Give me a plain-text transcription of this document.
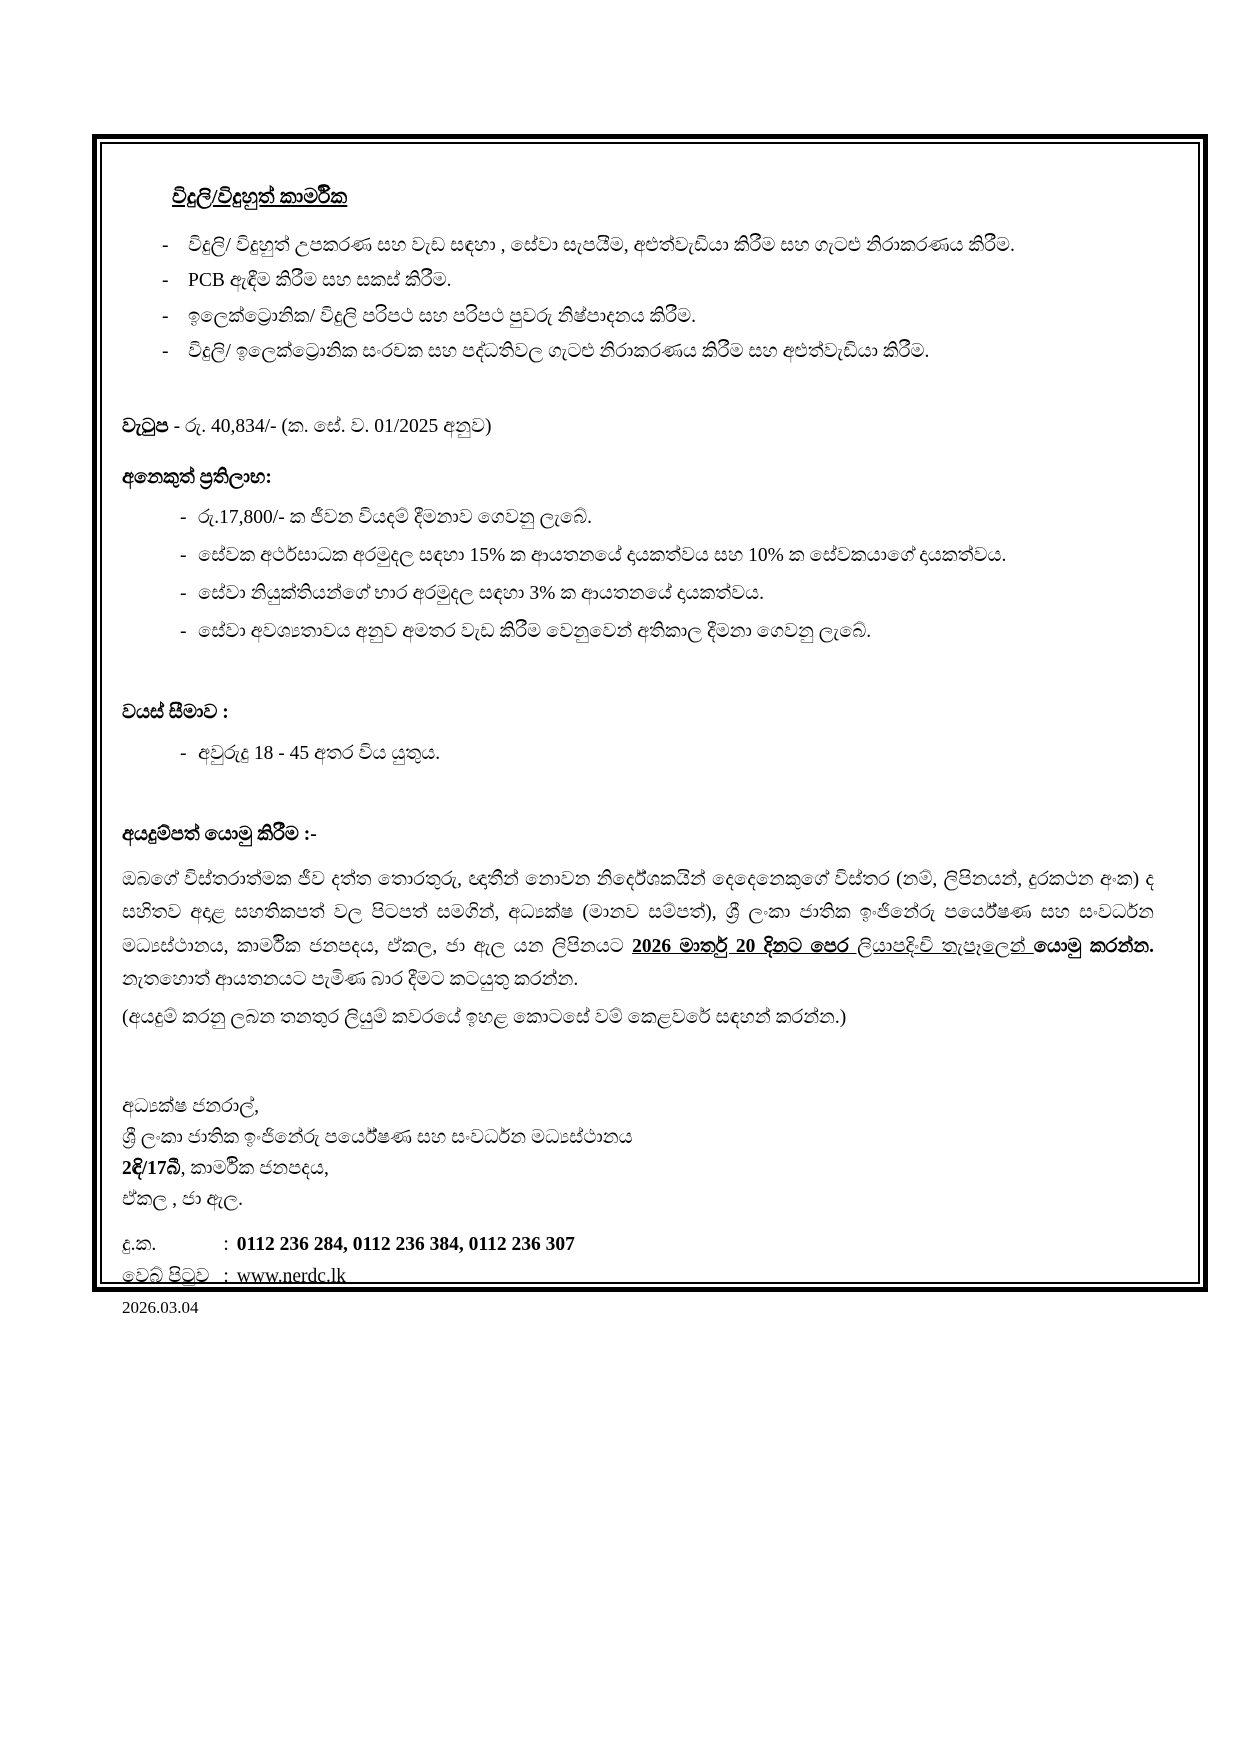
විදුලි/විදුහුත් කාර්මික
- විදුලි/ විදුහුත් උපකරණ සහ වැඩ සඳහා , සේවා සැපයීම, අළුත්වැඩියා කිරීම සහ ගැටළු නිරාකරණය කිරීම.
- PCB ඇඳීම කිරීම සහ සකස් කිරීම.
- ඉලෙක්ට්‍රොනික/ විදුලි පරිපථ සහ පරිපථ පුවරු නිෂ්පාදනය කිරීම.
- විදුලි/ ඉලෙක්ට්‍රොනික සංරචක සහ පද්ධතිවල ගැටළු නිරාකරණය කිරීම සහ අළුත්වැඩියා කිරීම.

වැටුප - රු. 40,834/- (ක. සේ. ව. 01/2025 අනුව)

අනෙකුත් ප්‍රතිලාභ:
- රු.17,800/- ක ජීවන වියදම් දීමනාව ගෙවනු ලැබේ.
- සේවක අර්ථසාධක අරමුදල සඳහා 15% ක ආයතනයේ දායකත්වය සහ 10% ක සේවකයාගේ දායකත්වය.
- සේවා නියුක්තියන්ගේ භාර අරමුදල සඳහා 3% ක ආයතනයේ දායකත්වය.
- සේවා අවශ්‍යතාවය අනුව අමතර වැඩ කිරීම වෙනුවෙන් අතිකාල දීමනා ගෙවනු ලැබේ.
වයස් සීමාව :
- අවුරුදු 18 - 45 අතර විය යුතුය.
අයදුම්පත් යොමු කිරීම :-

ඔබගේ විස්තරාත්මක ජීව දත්ත තොරතුරු, ඥාතීන් නොවන නිර්දේශකයින් දෙදෙනෙකුගේ විස්තර (නම්, ලිපිනයන්, දුරකථන අංක) ද සහිතව අදාළ සහතිකපත් වල පිටපත් සමගින්, අධ්‍යක්ෂ (මානව සම්පත්), ශ්‍රී ලංකා ජාතික ඉංජිනේරු පර්යේෂණ සහ සංවර්ධන මධ්‍යස්ථානය, කාර්මික ජනපදය, ඒකල, ජා ඇල යන ලිපිනයට 2026 මාර්තු 20 දිනට පෙර ලියාපදිංචි තැපෑලෙන් යොමු කරන්න. නැතහොත් ආයතනයට පැමිණ බාර දීමට කටයුතු කරන්න.

(අයදුම් කරනු ලබන තනතුර ලියුම් කවරයේ ඉහළ කොටසේ වම් කෙළවරේ සඳහන් කරන්න.)

අධ්‍යක්ෂ ජනරාල්,
ශ්‍රී ලංකා ජාතික ඉංජිනේරු පර්යේෂණ සහ සංවර්ධන මධ්‍යස්ථානය
2ඳි/17බී, කාර්මික ජනපදය,
ඒකල , ජා ඇල.
දු.ක.	:	0112 236 284, 0112 236 384, 0112 236 307
වෙබ් පිටුව	:	www.nerdc.lk
2026.03.04
